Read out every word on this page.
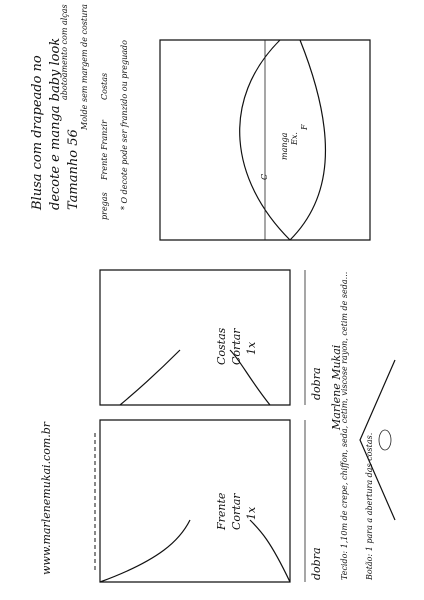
Blusa com drapeado no decote e manga baby look Tamanho 56
www.marlenemukai.com.br	Frente Cortar 1x
dobra
Costas Cortar 1x
dobra
C
F
manga Ex.
Molde sem margem de costura	* O decote pode ser franzido ou preguado
pregas
Frente
Franzir
Costas
abotoamento com alças
Tecido: 1,10m de crepe, chiffon, seda, cetim, viscose rayon, cetim de seda... Botão: 1 para a abertura das costas.
Marlene Mukai
